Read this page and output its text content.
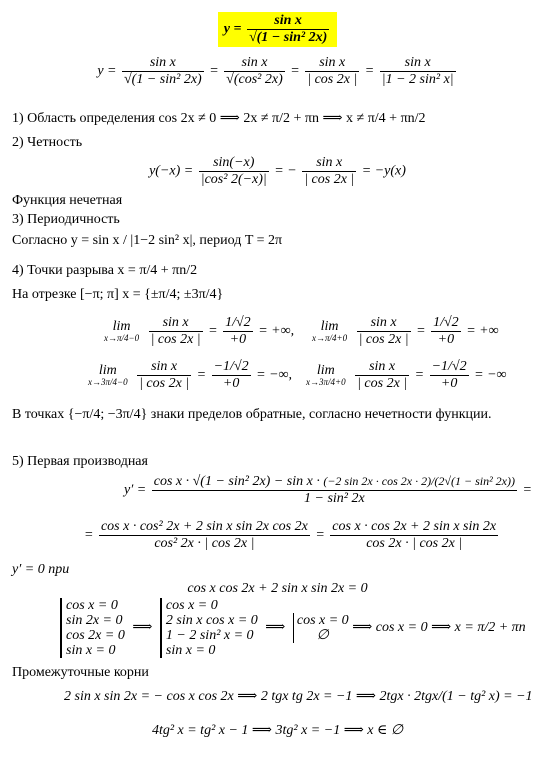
$y = \frac{\text{sin x}}{\text{√(1 − sin² 2x)}}$
$y = \frac{\text{sin x}}{\text{√(1 − sin² 2x)}} = \frac{\text{sin x}}{\text{√(cos² 2x)}} = \frac{\text{sin x}}{| \cos 2x |} = \frac{\text{sin x}}{\text{|1 − 2 sin² x|}}$
1) Область определения cos 2x ≠ 0 ⟹ 2x ≠ π/2 + πn ⟹ x ≠ π/4 + πn/2
2) Четность
$y(-x) = \frac{\sin(-x)}{\text{|cos² 2(−x)|}}$ = − $\frac{\text{sin x}}{| \cos 2x |} = -y(x)$
Функция нечетная
3) Периодичность
Согласно y = sin x / |1−2 sin² x|, период T = 2π
4) Точки разрыва x = π/4 + πn/2
На отрезке [−π; π] x = {±π/4; ±3π/4}
lim
x→π/4−0
$\frac{\text{sin x}}{| \cos 2x |} = \frac{1/√2}{+0}$ = +∞,	lim
x→π/4+0
$\frac{\text{sin x}}{| \cos 2x |} = \frac{1/√2}{+0}$ = +∞
lim
x→3π/4−0
$\frac{\text{sin x}}{| \cos 2x |} = \frac{-1/√2}{+0}$ = −∞,	lim
x→3π/4+0
$\frac{\text{sin x}}{| \cos 2x |} = \frac{-1/√2}{+0}$ = −∞
В точках {−π/4; −3π/4} знаки пределов обратные, согласно нечетности функции.
5) Первая производная
y′ =
cos x · √(1 − sin² 2x) − sin x · (−2 sin 2x · cos 2x · 2)/(2√(1 − sin² 2x))
1 − sin² 2x
=
= $\frac{\text{cos x · cos² 2x + 2 sin x sin 2x cos 2x}}{\text{cos² 2x · | cos 2x |}} = \frac{\text{cos x · cos 2x + 2 sin x sin 2x}}{\cos 2x \cdot | \cos 2x |}$
y′ = 0 при
cos x cos 2x + 2 sin x sin 2x = 0
cos x = 0
sin 2x = 0
cos 2x = 0
sin x = 0
⟹
cos x = 0
2 sin x cos x = 0
1 − 2 sin² x = 0
sin x = 0
⟹ cos x = 0
∅
⟹ cos x = 0 ⟹ x = π/2 + πn
Промежуточные корни
2 sin x sin 2x = − cos x cos 2x ⟹ 2 tgx tg 2x = −1 ⟹ 2tgx · 2tgx/(1 − tg² x) = −1
4tg² x = tg² x − 1 ⟹ 3tg² x = −1 ⟹ x ∈ ∅
